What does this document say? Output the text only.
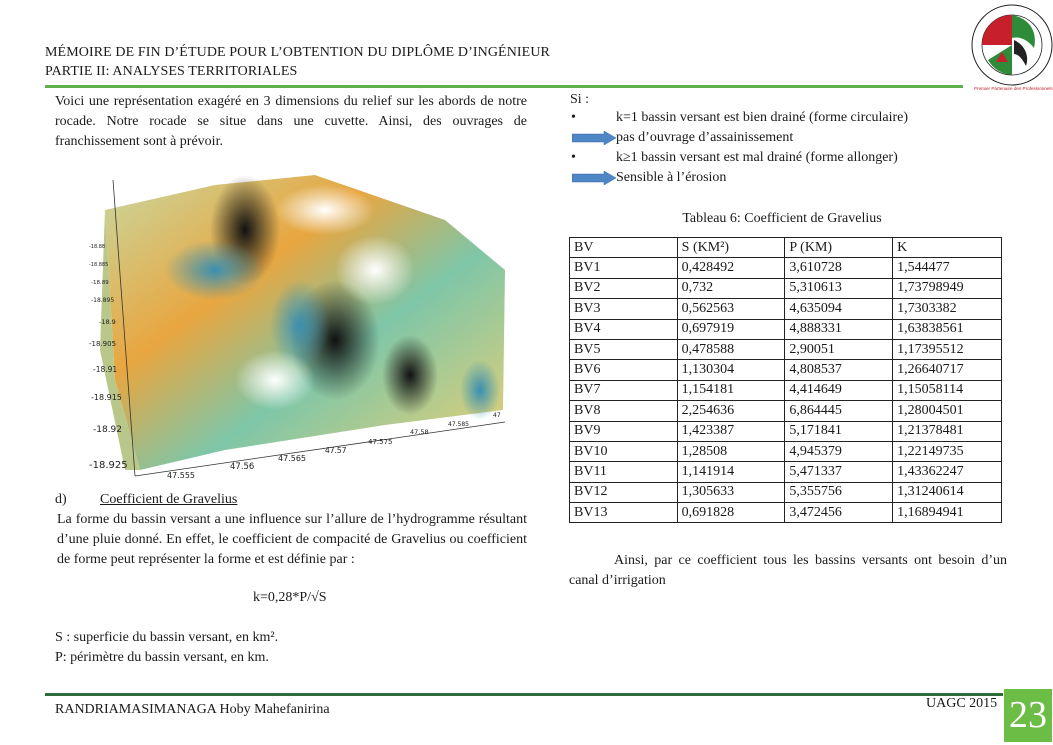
MÉMOIRE DE FIN D’ÉTUDE POUR L’OBTENTION DU DIPLÔME D’INGÉNIEUR
PARTIE II: ANALYSES TERRITORIALES
Premier Partenaire des Professionnels
Voici une représentation exagéré en 3 dimensions du relief sur les abords de notre rocade. Notre rocade se situe dans une cuvette. Ainsi, des ouvrages de franchissement sont à prévoir.
-18.88
-18.885
-18.89
-18.895
-18.9
-18.905
-18.91
-18.915
-18.92
-18.925
47.555
47.56
47.565
47.57
47.575
47.58
47.585
47
d) Coefficient de Gravelius
La forme du bassin versant a une influence sur l’allure de l’hydrogramme résultant d’une pluie donné. En effet, le coefficient de compacité de Gravelius ou coefficient de forme peut représenter la forme et est définie par :
k=0,28*P/√S
S : superficie du bassin versant, en km².
P: périmètre du bassin versant, en km.
Si :
•	k=1 bassin versant est bien drainé (forme circulaire)
pas d’ouvrage d’assainissement
•	k≥1 bassin versant est mal drainé (forme allonger)
Sensible à l’érosion
Tableau 6: Coefficient de Gravelius
BV	S (KM²)	P (KM)	K
BV1	0,428492	3,610728	1,544477
BV2	0,732	5,310613	1,73798949
BV3	0,562563	4,635094	1,7303382
BV4	0,697919	4,888331	1,63838561
BV5	0,478588	2,90051	1,17395512
BV6	1,130304	4,808537	1,26640717
BV7	1,154181	4,414649	1,15058114
BV8	2,254636	6,864445	1,28004501
BV9	1,423387	5,171841	1,21378481
BV10	1,28508	4,945379	1,22149735
BV11	1,141914	5,471337	1,43362247
BV12	1,305633	5,355756	1,31240614
BV13	0,691828	3,472456	1,16894941
Ainsi, par ce coefficient tous les bassins versants ont besoin d’un canal d’irrigation
RANDRIAMASIMANAGA Hoby Mahefanirina	UAGC 2015 23
